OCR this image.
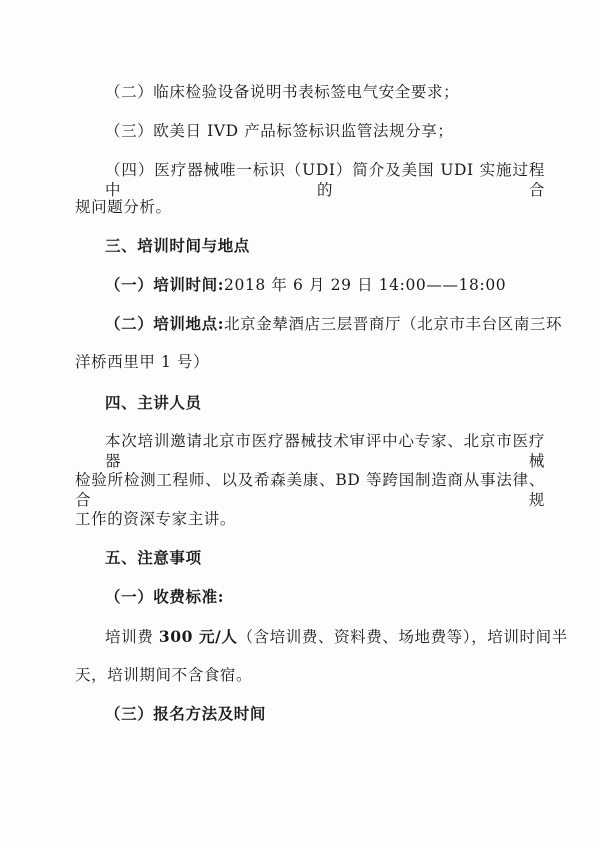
（二）临床检验设备说明书表标签电气安全要求；
（三）欧美日 IVD 产品标签标识监管法规分享；
（四）医疗器械唯一标识（UDI）简介及美国 UDI 实施过程中的合
规问题分析。
三、培训时间与地点
（一）培训时间:2018 年 6 月 29 日 14:00——18:00
（二）培训地点:北京金辇酒店三层晋商厅（北京市丰台区南三环
洋桥西里甲 1 号）
四、主讲人员
本次培训邀请北京市医疗器械技术审评中心专家、北京市医疗器械
检验所检测工程师、以及希森美康、BD 等跨国制造商从事法律、合规
工作的资深专家主讲。
五、注意事项
（一）收费标准:
培训费 300 元/人（含培训费、资料费、场地费等），培训时间半
天，培训期间不含食宿。
（三）报名方法及时间
